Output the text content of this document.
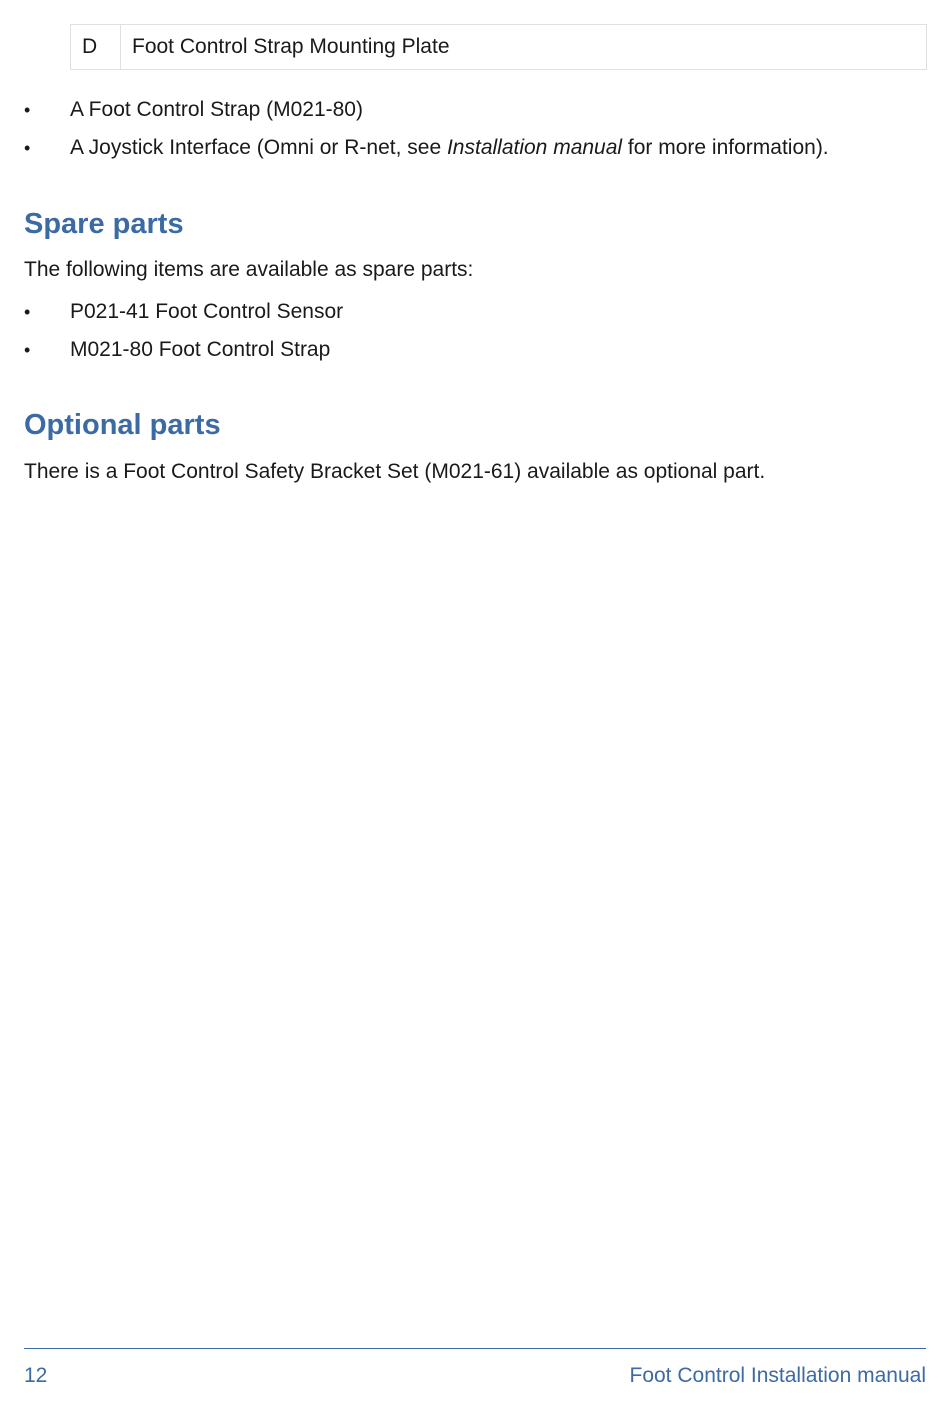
D	Foot Control Strap Mounting Plate
•	A Foot Control Strap (M021-80)
•	A Joystick Interface (Omni or R-net, see Installation manual for more information).
Spare parts

The following items are available as spare parts:

•	P021-41 Foot Control Sensor
•	M021-80 Foot Control Strap
Optional parts

There is a Foot Control Safety Bracket Set (M021-61) available as optional part.

12	Foot Control Installation manual
